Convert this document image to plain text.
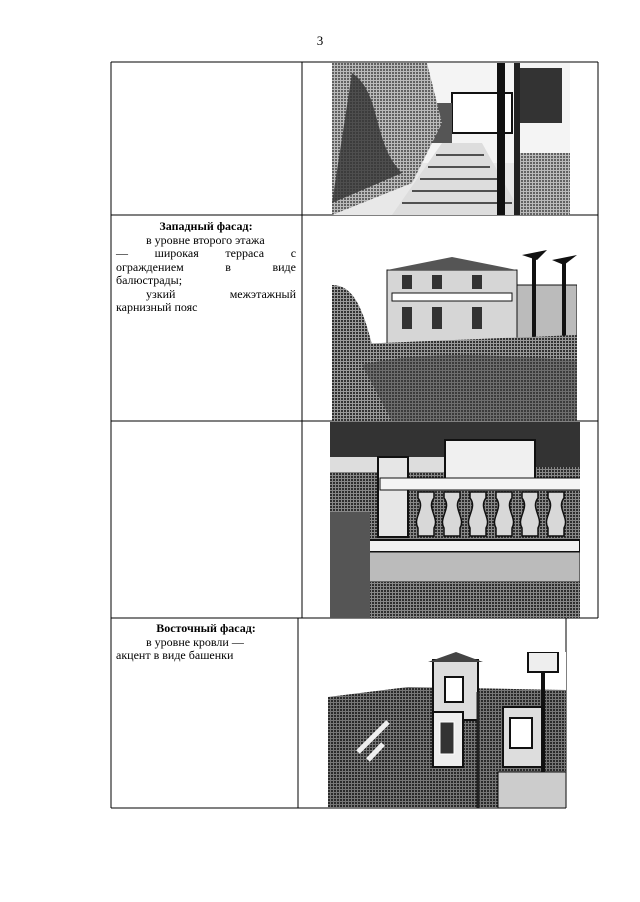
3
Западный фасад:

в уровне второго этажа

— широкая терраса с

ограждением	в	виде

балюстрады;

узкий межэтажный

карнизный пояс

Восточный фасад:

в уровне кровли —

акцент в виде башенки
